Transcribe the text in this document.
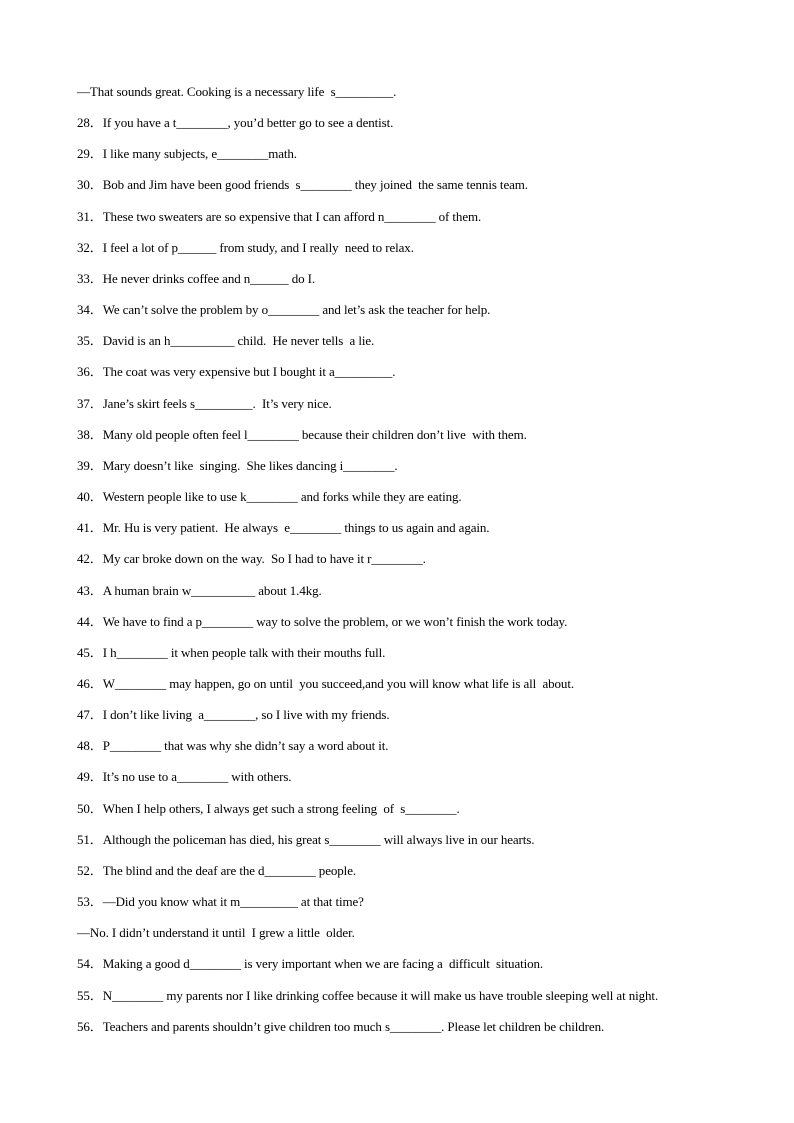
—That sounds great. Cooking is a necessary life  s_________.
28．If you have a t________, you’d better go to see a dentist.
29．I like many subjects, e________math.
30．Bob and Jim have been good friends  s________ they joined  the same tennis team.
31．These two sweaters are so expensive that I can afford n________ of them.
32．I feel a lot of p______ from study, and I really  need to relax.
33．He never drinks coffee and n______ do I.
34．We can’t solve the problem by o________ and let’s ask the teacher for help.
35．David is an h__________ child.  He never tells  a lie.
36．The coat was very expensive but I bought it a_________.
37．Jane’s skirt feels s_________.  It’s very nice.
38．Many old people often feel l________ because their children don’t live  with them.
39．Mary doesn’t like  singing.  She likes dancing i________.
40．Western people like to use k________ and forks while they are eating.
41．Mr. Hu is very patient.  He always  e________ things to us again and again.
42．My car broke down on the way.  So I had to have it r________.
43．A human brain w__________ about 1.4kg.
44．We have to find a p________ way to solve the problem, or we won’t finish the work today.
45．I h________ it when people talk with their mouths full.
46．W________ may happen, go on until  you succeed,and you will know what life is all  about.
47．I don’t like living  a________, so I live with my friends.
48．P________ that was why she didn’t say a word about it.
49．It’s no use to a________ with others.
50．When I help others, I always get such a strong feeling  of  s________.
51．Although the policeman has died, his great s________ will always live in our hearts.
52．The blind and the deaf are the d________ people.
53．—Did you know what it m_________ at that time?
—No. I didn’t understand it until  I grew a little  older.
54．Making a good d________ is very important when we are facing a  difficult  situation.
55．N________ my parents nor I like drinking coffee because it will make us have trouble sleeping well at night.
56．Teachers and parents shouldn’t give children too much s________. Please let children be children.
